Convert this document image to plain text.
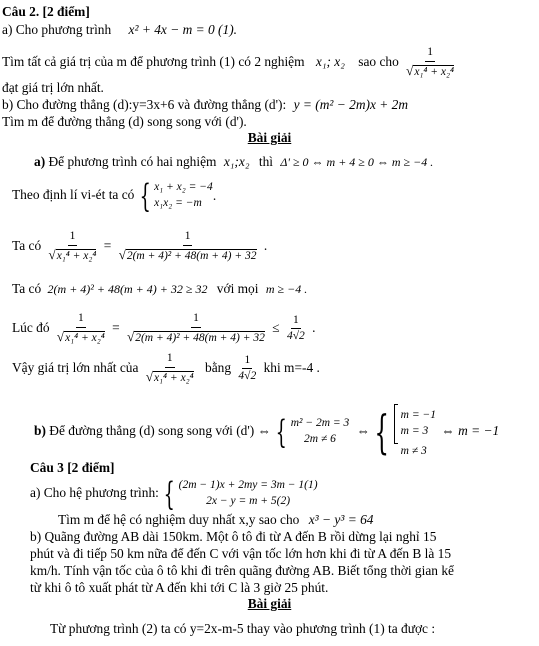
Câu 2. [2 điểm]
a) Cho phương trình x² + 4x − m = 0 (1).
Tìm tất cả giá trị của m để phương trình (1) có 2 nghiệm x₁; x₂ sao cho $\frac{1}{\text{√x₁⁴ + x₂⁴}}$
đạt giá trị lớn nhất.
b) Cho đường thẳng (d):y=3x+6 và đường thẳng (d'): y = (m² − 2m)x + 2m
Tìm m để đường thẳng (d) song song với (d').
Bài giải
a) Để phương trình có hai nghiệm x₁;x₂ thì Δ' ≥ 0 ⇔ m + 4 ≥ 0 ⇔ m ≥ −4 .
Theo định lí vi-ét ta có { x₁ + x₂ = −4
x₁x₂ = −m
.
Ta có $\frac{1}{\text{√x₁⁴ + x₂⁴}} = \frac{1}{\text{√2(m + 4)² + 48(m + 4) + 32}}$ .
Ta có 2(m + 4)² + 48(m + 4) + 32 ≥ 32 với mọi m ≥ −4 .
Lúc đó $\frac{1}{\text{√x₁⁴ + x₂⁴}} = \frac{1}{\text{√2(m + 4)² + 48(m + 4) + 32}} \le \frac{1}{4√2}$ .
Vậy giá trị lớn nhất của $\frac{1}{\text{√x₁⁴ + x₂⁴}}$ bằng $\frac{1}{4√2}$ khi m=-4 .
b) Để đường thẳng (d) song song với (d') ⇔ { m² − 2m = 3
2m ≠ 6
⇔ { m = −1
m = 3
m ≠ 3
⇔ m = −1
Câu 3 [2 điểm]
a) Cho hệ phương trình: { (2m − 1)x + 2my = 3m − 1(1)
2x − y = m + 5(2)
Tìm m để hệ có nghiệm duy nhất x,y sao cho x³ − y³ = 64
b) Quãng đường AB dài 150km. Một ô tô đi từ A đến B rồi dừng lại nghỉ 15
phút và đi tiếp 50 km nữa để đến C với vận tốc lớn hơn khi đi từ A đến B là 15
km/h. Tính vận tốc của ô tô khi đi trên quãng đường AB. Biết tổng thời gian kể
từ khi ô tô xuất phát từ A đến khi tới C là 3 giờ 25 phút.
Bài giải
Từ phương trình (2) ta có y=2x-m-5 thay vào phương trình (1) ta được :
